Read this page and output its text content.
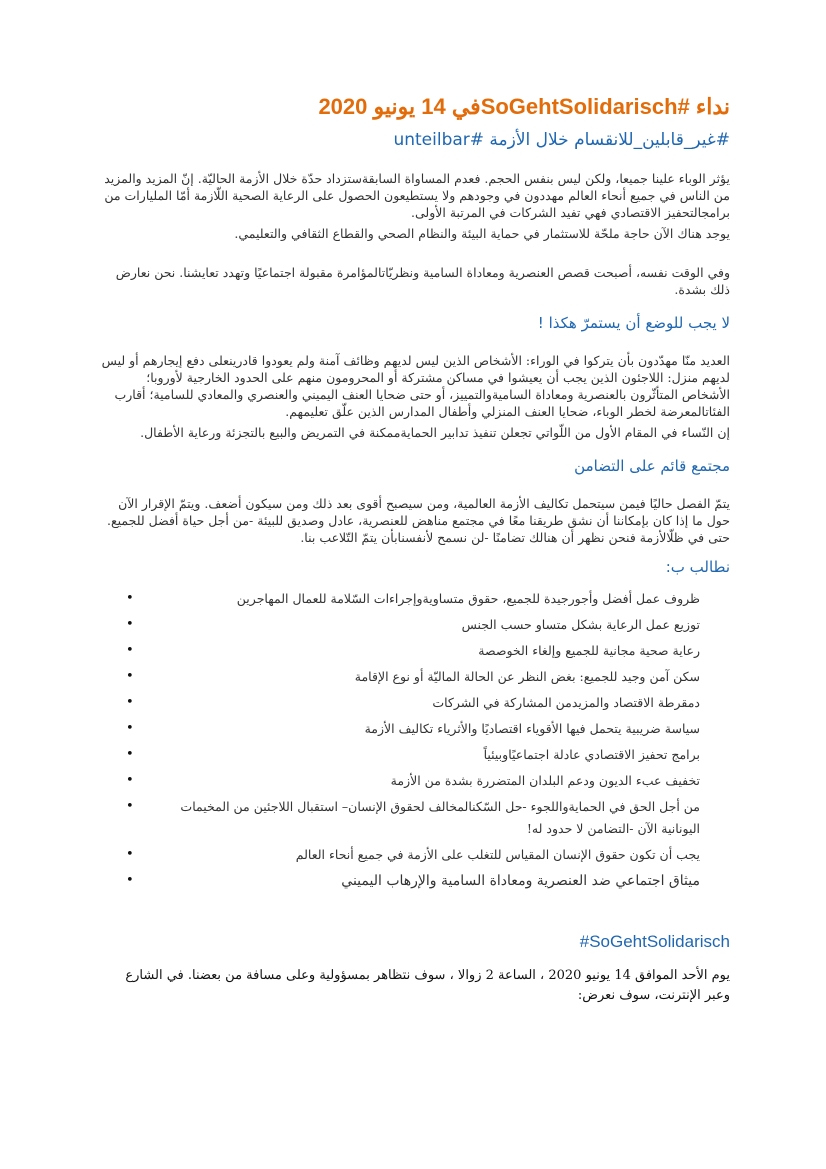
نداء #SoGehtSolidarischفي 14 يونيو 2020
#غير_قابلين_للانقسام خلال الأزمة #unteilbar

يؤثر الوباء علينا جميعا، ولكن ليس بنفس الحجم. فعدم المساواة السابقةستزداد حدّة خلال الأزمة الحاليّة. إنّ المزيد والمزيد من الناس في جميع أنحاء العالم مهددون في وجودهم ولا يستطيعون الحصول على الرعاية الصحية اللّازمة أمّا المليارات من برامجالتحفيز الاقتصادي فهي تفيد الشركات في المرتبة الأولى.

يوجد هناك الآن حاجة ملحّة للاستثمار في حماية البيئة والنظام الصحي والقطاع الثقافي والتعليمي.

وفي الوقت نفسه، أصبحت قصص العنصرية ومعاداة السامية ونظريّاتالمؤامرة مقبولة اجتماعيًا وتهدد تعايشنا. نحن نعارض ذلك بشدة.

لا يجب للوضع أن يستمرّ هكذا !

العديد منّا مهدّدون بأن يتركوا في الوراء: الأشخاص الذين ليس لديهم وظائف آمنة ولم يعودوا قادرينعلى دفع إيجارهم أو ليس لديهم منزل: اللاجئون الذين يجب أن يعيشوا في مساكن مشتركة أو المحرومون منهم على الحدود الخارجية لأوروبا؛ الأشخاص المتأثّرون بالعنصرية ومعاداة الساميةوالتمييز، أو حتى ضحايا العنف اليميني والعنصري والمعادي للسامية؛ أقارب الفئاتالمعرضة لخطر الوباء، ضحايا العنف المنزلي وأطفال المدارس الذين علّق تعليمهم.

إن النّساء في المقام الأول من اللّواتي تجعلن تنفيذ تدابير الحمايةممكنة في التمريض والبيع بالتجزئة ورعاية الأطفال.

مجتمع قائم على التضامن

يتمّ الفصل حاليًا فيمن سيتحمل تكاليف الأزمة العالمية، ومن سيصبح أقوى بعد ذلك ومن سيكون أضعف. ويتمّ الإقرار الآن حول ما إذا كان بإمكاننا أن نشق طريقنا معًا في مجتمع مناهض للعنصرية، عادل وصديق للبيئة -من أجل حياة أفضل للجميع. حتى في ظلّالأزمة فنحن نظهر أن هنالك تضامنًا -لن نسمح لأنفسنابأن يتمّ التّلاعب بنا.

نطالب ب:
•	ظروف عمل أفضل وأجورجيدة للجميع، حقوق متساويةوإجراءات السّلامة للعمال المهاجرين
•	توزيع عمل الرعاية بشكل متساو حسب الجنس
•	رعاية صحية مجانية للجميع وإلغاء الخوصصة
•	سكن آمن وجيد للجميع: بغض النظر عن الحالة الماليّة أو نوع الإقامة
•	دمقرطة الاقتصاد والمزيدمن المشاركة في الشركات
•	سياسة ضريبية يتحمل فيها الأقوياء اقتصاديًا والأثرياء تكاليف الأزمة
•	برامج تحفيز الاقتصادي عادلة اجتماعيًاوبيئياً
•	تخفيف عبء الديون ودعم البلدان المتضررة بشدة من الأزمة
•	من أجل الحق في الحمايةواللجوء -حل السّكنالمخالف لحقوق الإنسان– استقبال اللاجئين من المخيمات اليونانية الآن -التضامن لا حدود له!
•	يجب أن تكون حقوق الإنسان المقياس للتغلب على الأزمة في جميع أنحاء العالم
•	ميثاق اجتماعي ضد العنصرية ومعاداة السامية والإرهاب اليميني
SoGehtSolidarisch#

يوم الأحد الموافق 14 يونيو 2020 ، الساعة 2 زوالا ، سوف نتظاهر بمسؤولية وعلى مسافة من بعضنا. في الشارع وعبر الإنترنت، سوف نعرض:
